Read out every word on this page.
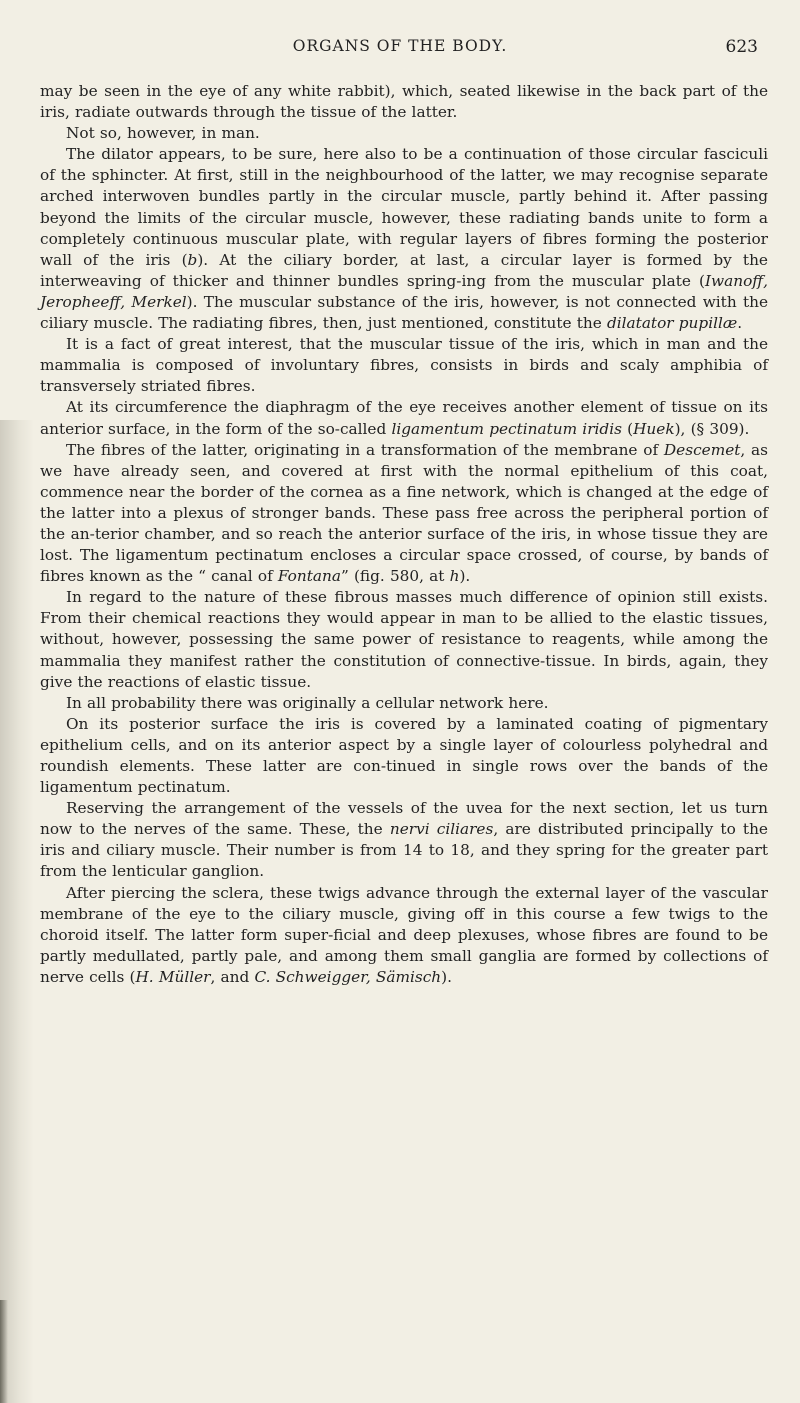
ORGANS OF THE BODY.	623

may be seen in the eye of any white rabbit), which, seated likewise in the back part of the iris, radiate outwards through the tissue of the latter.

Not so, however, in man.

The dilator appears, to be sure, here also to be a continuation of those circular fasciculi of the sphincter. At first, still in the neighbourhood of the latter, we may recognise separate arched interwoven bundles partly in the circular muscle, partly behind it. After passing beyond the limits of the circular muscle, however, these radiating bands unite to form a completely continuous muscular plate, with regular layers of fibres forming the posterior wall of the iris (b). At the ciliary border, at last, a circular layer is formed by the interweaving of thicker and thinner bundles spring-ing from the muscular plate (Iwanoff, Jeropheeff, Merkel). The muscular substance of the iris, however, is not connected with the ciliary muscle. The radiating fibres, then, just mentioned, constitute the dilatator pupillæ.

It is a fact of great interest, that the muscular tissue of the iris, which in man and the mammalia is composed of involuntary fibres, consists in birds and scaly amphibia of transversely striated fibres.

At its circumference the diaphragm of the eye receives another element of tissue on its anterior surface, in the form of the so-called ligamentum pectinatum iridis (Huek), (§ 309).

The fibres of the latter, originating in a transformation of the membrane of Descemet, as we have already seen, and covered at first with the normal epithelium of this coat, commence near the border of the cornea as a fine network, which is changed at the edge of the latter into a plexus of stronger bands. These pass free across the peripheral portion of the an-terior chamber, and so reach the anterior surface of the iris, in whose tissue they are lost. The ligamentum pectinatum encloses a circular space crossed, of course, by bands of fibres known as the “ canal of Fontana” (fig. 580, at h).

In regard to the nature of these fibrous masses much difference of opinion still exists. From their chemical reactions they would appear in man to be allied to the elastic tissues, without, however, possessing the same power of resistance to reagents, while among the mammalia they manifest rather the constitution of connective-tissue. In birds, again, they give the reactions of elastic tissue.

In all probability there was originally a cellular network here.

On its posterior surface the iris is covered by a laminated coating of pigmentary epithelium cells, and on its anterior aspect by a single layer of colourless polyhedral and roundish elements. These latter are con-tinued in single rows over the bands of the ligamentum pectinatum.

Reserving the arrangement of the vessels of the uvea for the next section, let us turn now to the nerves of the same. These, the nervi ciliares, are distributed principally to the iris and ciliary muscle. Their number is from 14 to 18, and they spring for the greater part from the lenticular ganglion.

After piercing the sclera, these twigs advance through the external layer of the vascular membrane of the eye to the ciliary muscle, giving off in this course a few twigs to the choroid itself. The latter form super-ficial and deep plexuses, whose fibres are found to be partly medullated, partly pale, and among them small ganglia are formed by collections of nerve cells (H. Müller, and C. Schweigger, Sämisch).
